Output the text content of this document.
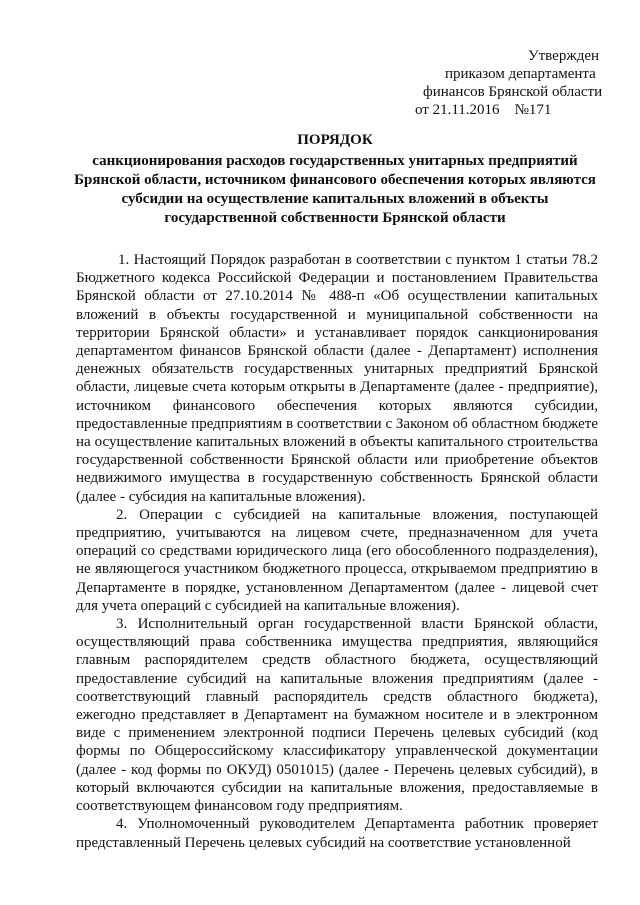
Утвержден
приказом департамента
финансов Брянской области
от 21.11.2016 №171
ПОРЯДОК
санкционирования расходов государственных унитарных предприятий Брянской области, источником финансового обеспечения которых являются субсидии на осуществление капитальных вложений в объекты государственной собственности Брянской области

1. Настоящий Порядок разработан в соответствии с пунктом 1 статьи 78.2 Бюджетного кодекса Российской Федерации и постановлением Правительства Брянской области от 27.10.2014 № 488-п «Об осуществлении капитальных вложений в объекты государственной и муниципальной собственности на территории Брянской области» и устанавливает порядок санкционирования департаментом финансов Брянской области (далее - Департамент) исполнения денежных обязательств государственных унитарных предприятий Брянской области, лицевые счета которым открыты в Департаменте (далее - предприятие), источником финансового обеспечения которых являются субсидии, предоставленные предприятиям в соответствии с Законом об областном бюджете на осуществление капитальных вложений в объекты капитального строительства государственной собственности Брянской области или приобретение объектов недвижимого имущества в государственную собственность Брянской области (далее - субсидия на капитальные вложения).

2. Операции с субсидией на капитальные вложения, поступающей предприятию, учитываются на лицевом счете, предназначенном для учета операций со средствами юридического лица (его обособленного подразделения), не являющегося участником бюджетного процесса, открываемом предприятию в Департаменте в порядке, установленном Департаментом (далее - лицевой счет для учета операций с субсидией на капитальные вложения).

3. Исполнительный орган государственной власти Брянской области, осуществляющий права собственника имущества предприятия, являющийся главным распорядителем средств областного бюджета, осуществляющий предоставление субсидий на капитальные вложения предприятиям (далее - соответствующий главный распорядитель средств областного бюджета), ежегодно представляет в Департамент на бумажном носителе и в электронном виде с применением электронной подписи Перечень целевых субсидий (код формы по Общероссийскому классификатору управленческой документации (далее - код формы по ОКУД) 0501015) (далее - Перечень целевых субсидий), в который включаются субсидии на капитальные вложения, предоставляемые в соответствующем финансовом году предприятиям.

4. Уполномоченный руководителем Департамента работник проверяет представленный Перечень целевых субсидий на соответствие установленной
